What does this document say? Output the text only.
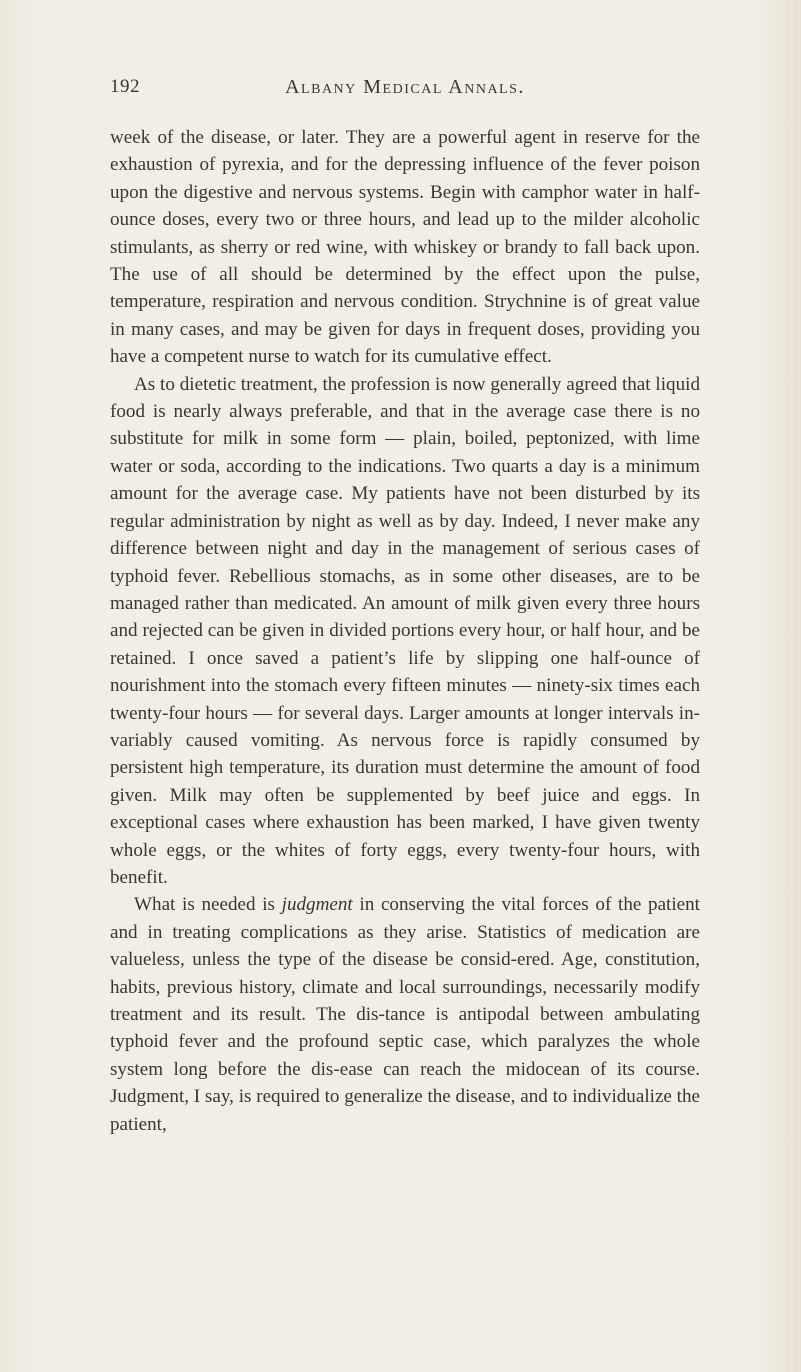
192	Albany Medical Annals.

week of the disease, or later. They are a powerful agent in reserve for the exhaustion of pyrexia, and for the depressing influence of the fever poison upon the digestive and nervous systems. Begin with camphor water in half-ounce doses, every two or three hours, and lead up to the milder alcoholic stimulants, as sherry or red wine, with whiskey or brandy to fall back upon. The use of all should be determined by the effect upon the pulse, temperature, respiration and nervous condition. Strychnine is of great value in many cases, and may be given for days in frequent doses, providing you have a competent nurse to watch for its cumulative effect.

As to dietetic treatment, the profession is now generally agreed that liquid food is nearly always preferable, and that in the average case there is no substitute for milk in some form — plain, boiled, peptonized, with lime water or soda, according to the indications. Two quarts a day is a minimum amount for the average case. My patients have not been disturbed by its regular administration by night as well as by day. Indeed, I never make any difference between night and day in the management of serious cases of typhoid fever. Rebellious stomachs, as in some other diseases, are to be managed rather than medicated. An amount of milk given every three hours and rejected can be given in divided portions every hour, or half hour, and be retained. I once saved a patient’s life by slipping one half-ounce of nourishment into the stomach every fifteen minutes — ninety-six times each twenty-four hours — for several days. Larger amounts at longer intervals in-variably caused vomiting. As nervous force is rapidly consumed by persistent high temperature, its duration must determine the amount of food given. Milk may often be supplemented by beef juice and eggs. In exceptional cases where exhaustion has been marked, I have given twenty whole eggs, or the whites of forty eggs, every twenty-four hours, with benefit.

What is needed is judgment in conserving the vital forces of the patient and in treating complications as they arise. Statistics of medication are valueless, unless the type of the disease be consid-ered. Age, constitution, habits, previous history, climate and local surroundings, necessarily modify treatment and its result. The dis-tance is antipodal between ambulating typhoid fever and the profound septic case, which paralyzes the whole system long before the dis-ease can reach the midocean of its course. Judgment, I say, is required to generalize the disease, and to individualize the patient,
